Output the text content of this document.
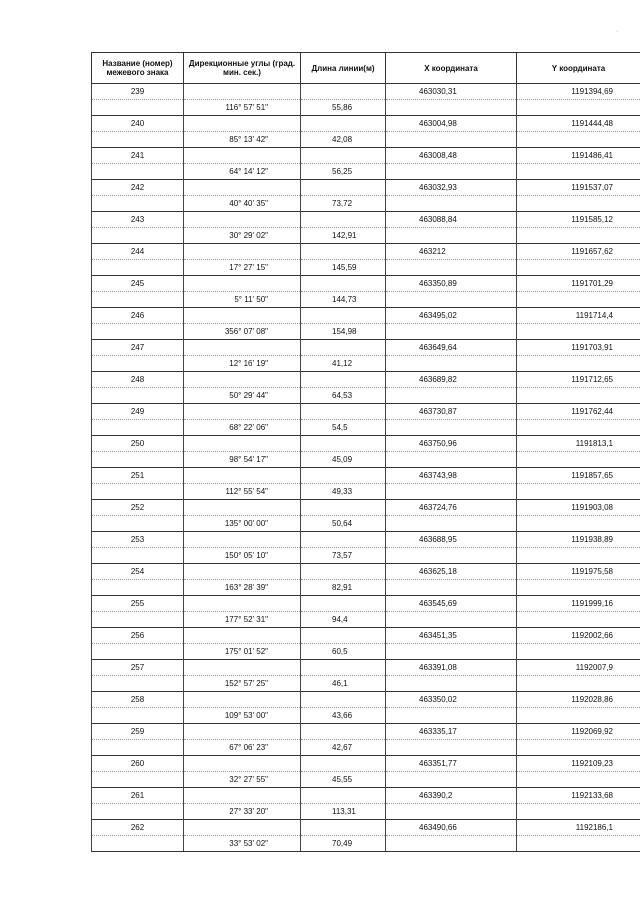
·
Название (номер) межевого знака	Дирекционные углы (град. мин. сек.)	Длина линии(м)	Х координата	Y координата
239			463030,31	1191394,69
	116° 57' 51"	55,86		
240			463004,98	1191444,48
	85° 13' 42"	42,08		
241			463008,48	1191486,41
	64° 14' 12"	56,25		
242			463032,93	1191537,07
	40° 40' 35"	73,72		
243			463088,84	1191585,12
	30° 29' 02"	142,91		
244			463212	1191657,62
	17° 27' 15"	145,59		
245			463350,89	1191701,29
	5° 11' 50"	144,73		
246			463495,02	1191714,4
	356° 07' 08"	154,98		
247			463649,64	1191703,91
	12° 16' 19"	41,12		
248			463689,82	1191712,65
	50° 29' 44"	64,53		
249			463730,87	1191762,44
	68° 22' 06"	54,5		
250			463750,96	1191813,1
	98° 54' 17"	45,09		
251			463743,98	1191857,65
	112° 55' 54"	49,33		
252			463724,76	1191903,08
	135° 00' 00"	50,64		
253			463688,95	1191938,89
	150° 05' 10"	73,57		
254			463625,18	1191975,58
	163° 28' 39"	82,91		
255			463545,69	1191999,16
	177° 52' 31"	94,4		
256			463451,35	1192002,66
	175° 01' 52"	60,5		
257			463391,08	1192007,9
	152° 57' 25"	46,1		
258			463350,02	1192028,86
	109° 53' 00"	43,66		
259			463335,17	1192069,92
	67° 06' 23"	42,67		
260			463351,77	1192109,23
	32° 27' 55"	45,55		
261			463390,2	1192133,68
	27° 33' 20"	113,31		
262			463490,66	1192186,1
	33° 53' 02"	70,49		
